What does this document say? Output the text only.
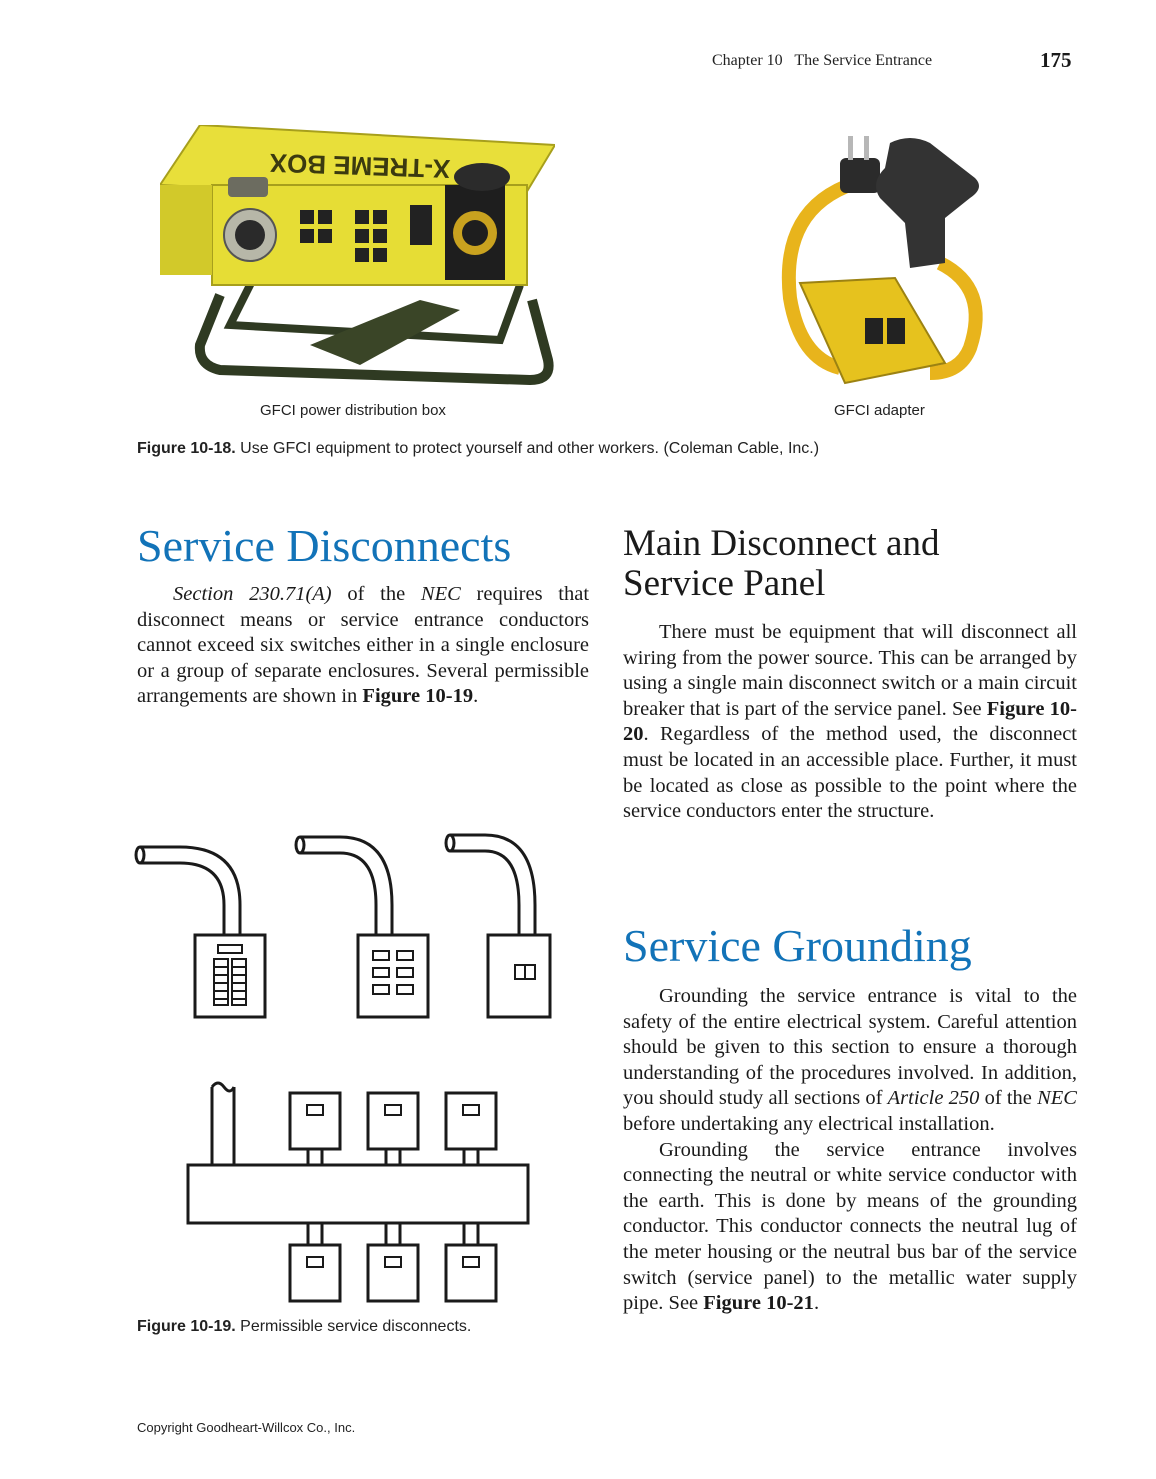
Chapter 10   The Service Entrance	175
X-TREME BOX
GFCI power distribution box	GFCI adapter
Figure 10-18. Use GFCI equipment to protect yourself and other workers. (Coleman Cable, Inc.)
Service Disconnects

Section 230.71(A) of the NEC requires that disconnect means or service entrance conductors cannot exceed six switches either in a single enclosure or a group of separate enclosures. Several permissible arrangements are shown in Figure 10-19.

Figure 10-19. Permissible service disconnects.
Main Disconnect and
Service Panel

There must be equipment that will disconnect all wiring from the power source. This can be arranged by using a single main disconnect switch or a main circuit breaker that is part of the service panel. See Figure 10-20. Regardless of the method used, the disconnect must be located in an accessible place. Further, it must be located as close as possible to the point where the service conductors enter the structure.

Service Grounding

Grounding the service entrance is vital to the safety of the entire electrical system. Careful attention should be given to this section to ensure a thorough understanding of the procedures involved. In addition, you should study all sections of Article 250 of the NEC before undertaking any electrical installation.

Grounding the service entrance involves connecting the neutral or white service conductor with the earth. This is done by means of the grounding conductor. This conductor connects the neutral lug of the meter housing or the neutral bus bar of the service switch (service panel) to the metallic water supply pipe. See Figure 10-21.

Copyright Goodheart-Willcox Co., Inc.
